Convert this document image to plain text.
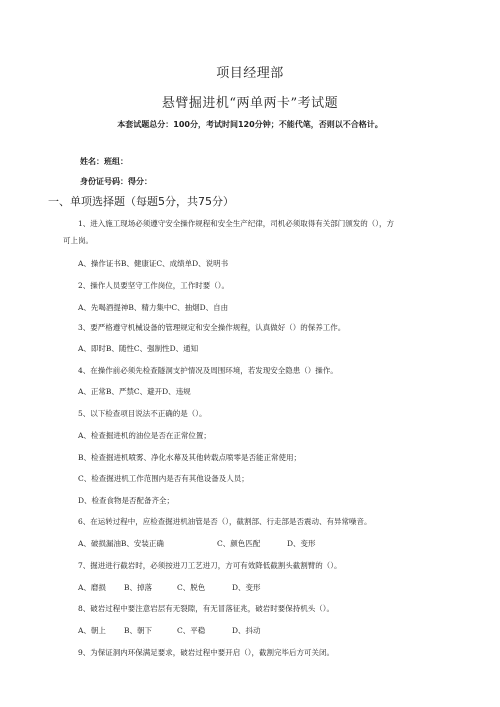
项目经理部
悬臂掘进机“两单两卡”考试题
本套试题总分：100分，考试时间120分钟；不能代笔，否则以不合格计。
姓名：班组：
身份证号码：得分：
一、单项选择题（每题5分，共75分）
1、进入施工现场必须遵守安全操作规程和安全生产纪律，司机必须取得有关部门颁发的（），方
可上岗。
A、操作证书B、健康证C、成绩单D、说明书
2、操作人员要坚守工作岗位，工作时要（）。
A、先喝酒提神B、精力集中C、抽烟D、自由
3、要严格遵守机械设备的管理规定和安全操作规程，认真做好（）的保养工作。
A、即时B、随性C、强制性D、通知
4、在操作前必须先检查隧洞支护情况及周围环境，若发现安全隐患（）操作。
A、正常B、严禁C、避开D、违规
5、以下检查项目说法不正确的是（）。
A、检查掘进机的油位是否在正常位置；
B、检查掘进机喷雾、净化水幕及其他转载点喷零是否能正常使用；
C、检查掘进机工作范围内是否有其他设备及人员；
D、检查食物是否配备齐全；
6、在运转过程中，应检查掘进机油管是否（），截割部、行走部是否震动、有异常噪音。
A、破损漏油B、安装正确	C、颜色匹配	D、变形
7、掘进进行截岩时，必须按进刀工艺进刀，方可有效降低截割头截割臂的（）。
A、磨损 B、掉落	C、脱色	D、变形
8、破岩过程中要注意岩层有无裂隙，有无冒落征兆，破岩时要保持机头（）。
A、朝上 B、朝下	C、平稳	D、抖动
9、为保证洞内环保满足要求，破岩过程中要开启（），截割完毕后方可关闭。
